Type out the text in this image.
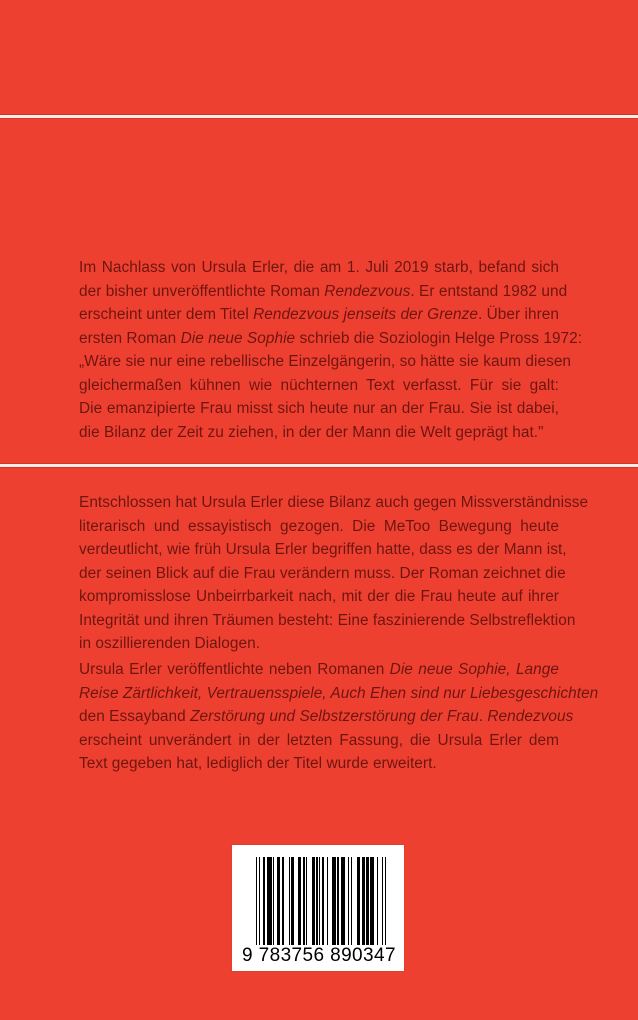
Im Nachlass von Ursula Erler, die am 1. Juli 2019 starb, befand sich
der bisher unveröffentlichte Roman Rendezvous. Er entstand 1982 und
erscheint unter dem Titel Rendezvous jenseits der Grenze. Über ihren
ersten Roman Die neue Sophie schrieb die Soziologin Helge Pross 1972:
„Wäre sie nur eine rebellische Einzelgängerin, so hätte sie kaum diesen
gleichermaßen kühnen wie nüchternen Text verfasst. Für sie galt:
Die emanzipierte Frau misst sich heute nur an der Frau. Sie ist dabei,
die Bilanz der Zeit zu ziehen, in der der Mann die Welt geprägt hat."
Entschlossen hat Ursula Erler diese Bilanz auch gegen Missverständnisse
literarisch und essayistisch gezogen. Die MeToo Bewegung heute
verdeutlicht, wie früh Ursula Erler begriffen hatte, dass es der Mann ist,
der seinen Blick auf die Frau verändern muss. Der Roman zeichnet die
kompromisslose Unbeirrbarkeit nach, mit der die Frau heute auf ihrer
Integrität und ihren Träumen besteht: Eine faszinierende Selbstreflektion
in oszillierenden Dialogen.
Ursula Erler veröffentlichte neben Romanen Die neue Sophie, Lange
Reise Zärtlichkeit, Vertrauensspiele, Auch Ehen sind nur Liebesgeschichten
den Essayband Zerstörung und Selbstzerstörung der Frau. Rendezvous
erscheint unverändert in der letzten Fassung, die Ursula Erler dem
Text gegeben hat, lediglich der Titel wurde erweitert.
9 783756 890347
